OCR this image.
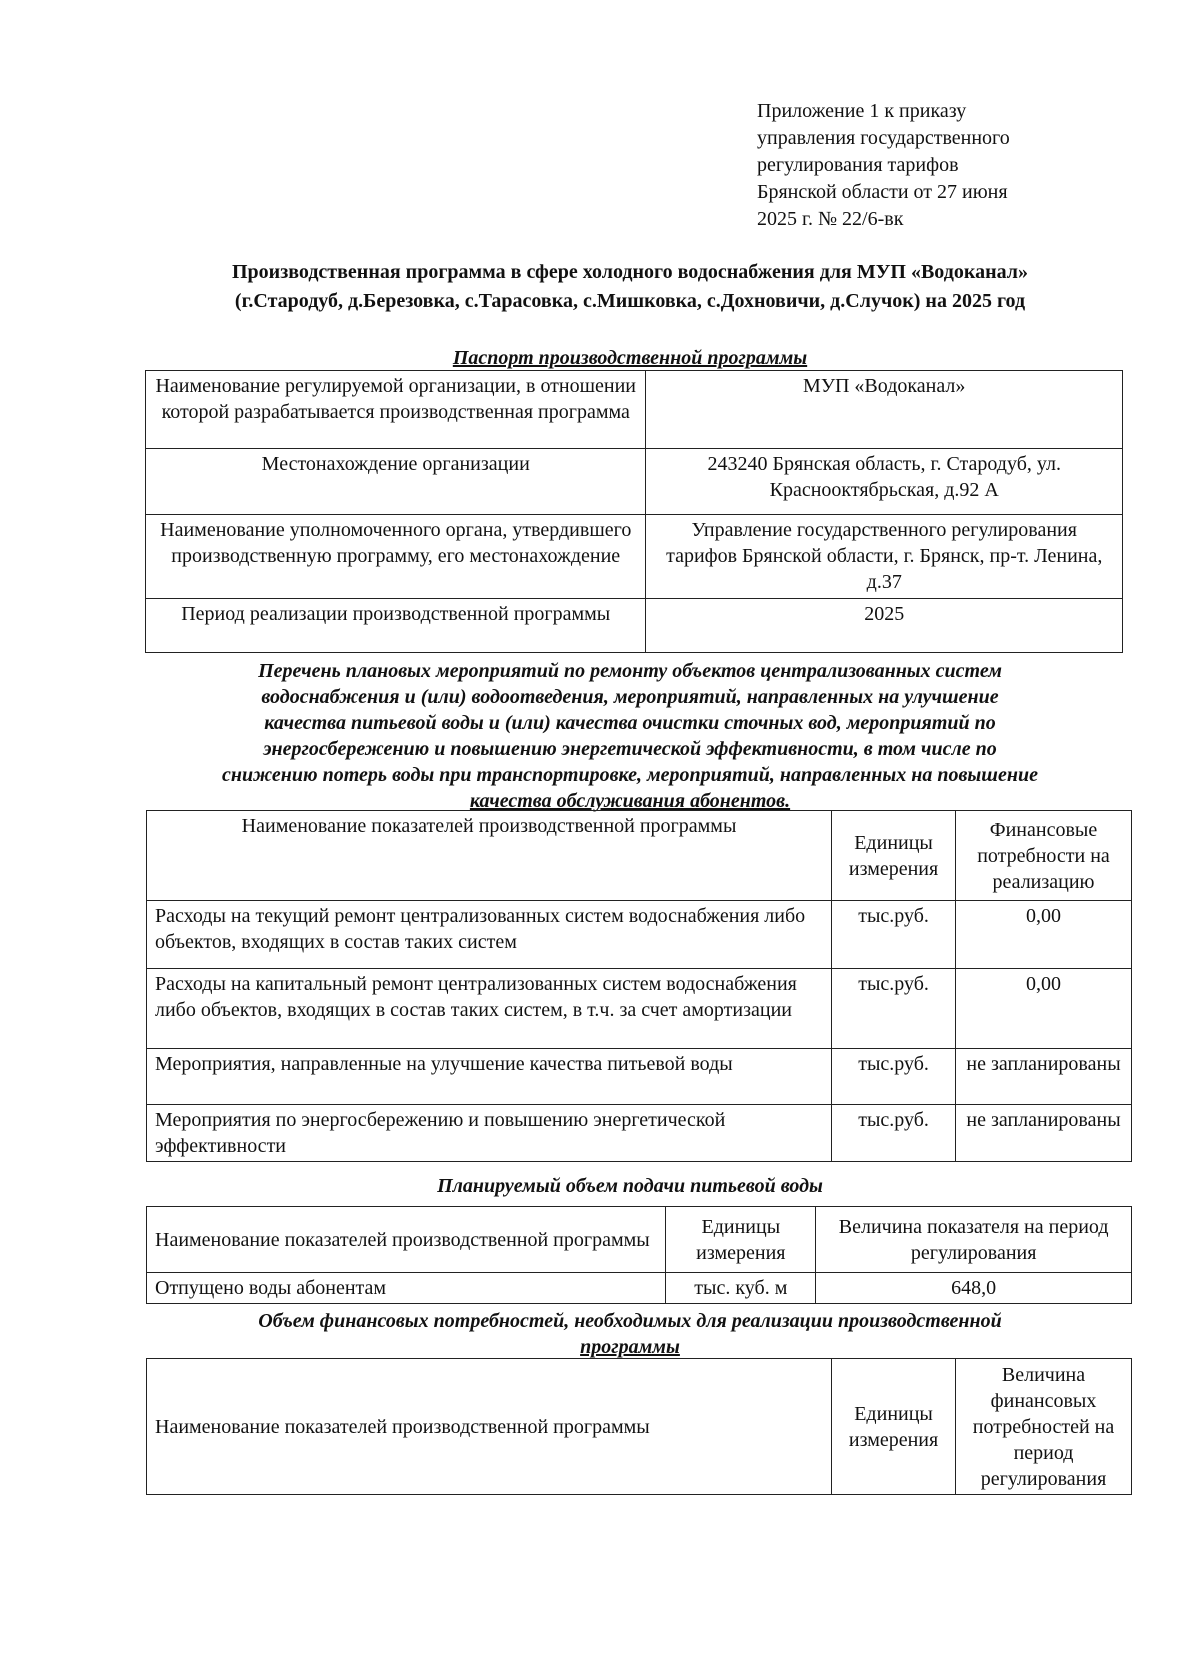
Приложение 1 к приказу
управления государственного
регулирования тарифов
Брянской области от 27 июня
2025 г. № 22/6-вк
Производственная программа в сфере холодного водоснабжения для МУП «Водоканал»
(г.Стародуб, д.Березовка, с.Тарасовка, с.Мишковка, с.Дохновичи, д.Случок) на 2025 год
Паспорт производственной программы
Наименование регулируемой организации, в отношении которой разрабатывается производственная программа	МУП «Водоканал»
Местонахождение организации	243240 Брянская область, г. Стародуб, ул. Краснооктябрьская, д.92 А
Наименование уполномоченного органа, утвердившего производственную программу, его местонахождение	Управление государственного регулирования тарифов Брянской области, г. Брянск, пр-т. Ленина, д.37
Период реализации производственной программы	2025
Перечень плановых мероприятий по ремонту объектов централизованных систем
водоснабжения и (или) водоотведения, мероприятий, направленных на улучшение
качества питьевой воды и (или) качества очистки сточных вод, мероприятий по
энергосбережению и повышению энергетической эффективности, в том числе по
снижению потерь воды при транспортировке, мероприятий, направленных на повышение
качества обслуживания абонентов.
Наименование показателей производственной программы	Единицы измерения	Финансовые потребности на реализацию
Расходы на текущий ремонт централизованных систем водоснабжения либо объектов, входящих в состав таких систем	тыс.руб.	0,00
Расходы на капитальный ремонт централизованных систем водоснабжения либо объектов, входящих в состав таких систем, в т.ч. за счет амортизации	тыс.руб.	0,00
Мероприятия, направленные на улучшение качества питьевой воды	тыс.руб.	не запланированы
Мероприятия по энергосбережению и повышению энергетической эффективности	тыс.руб.	не запланированы
Планируемый объем подачи питьевой воды
Наименование показателей производственной программы	Единицы измерения	Величина показателя на период регулирования
Отпущено воды абонентам	тыс. куб. м	648,0
Объем финансовых потребностей, необходимых для реализации производственной
программы
Наименование показателей производственной программы	Единицы измерения	Величина финансовых потребностей на период регулирования
